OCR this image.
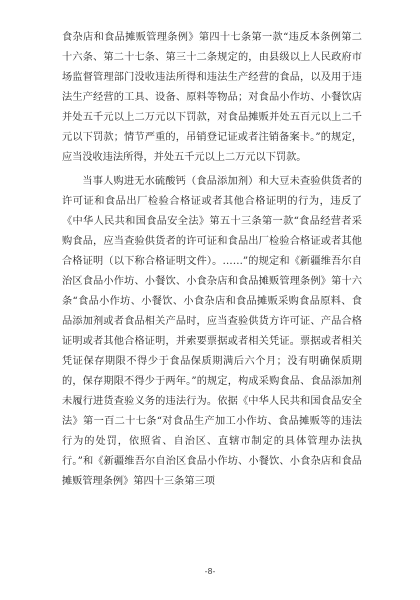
食杂店和食品摊贩管理条例》第四十七条第一款“违反本条例第二十六条、第二十七条、第三十二条规定的，由县级以上人民政府市场监督管理部门没收违法所得和违法生产经营的食品，以及用于违法生产经营的工具、设备、原料等物品；对食品小作坊、小餐饮店并处五千元以上二万元以下罚款，对食品摊贩并处五百元以上二千元以下罚款；情节严重的，吊销登记证或者注销备案卡。”的规定，应当没收违法所得，并处五千元以上二万元以下罚款。

当事人购进无水硫酸钙（食品添加剂）和大豆未查验供货者的许可证和食品出厂检验合格证或者其他合格证明的行为，违反了《中华人民共和国食品安全法》第五十三条第一款“食品经营者采购食品，应当查验供货者的许可证和食品出厂检验合格证或者其他合格证明（以下称合格证明文件）。……”的规定和《新疆维吾尔自治区食品小作坊、小餐饮、小食杂店和食品摊贩管理条例》第十六条“食品小作坊、小餐饮、小食杂店和食品摊贩采购食品原料、食品添加剂或者食品相关产品时，应当查验供货方许可证、产品合格证明或者其他合格证明，并索要票据或者相关凭证。票据或者相关凭证保存期限不得少于食品保质期满后六个月；没有明确保质期的，保存期限不得少于两年。”的规定，构成采购食品、食品添加剂未履行进货查验义务的违法行为。依据《中华人民共和国食品安全法》第一百二十七条“对食品生产加工小作坊、食品摊贩等的违法行为的处罚，依照省、自治区、直辖市制定的具体管理办法执行。”和《新疆维吾尔自治区食品小作坊、小餐饮、小食杂店和食品摊贩管理条例》第四十三条第三项

-8-
